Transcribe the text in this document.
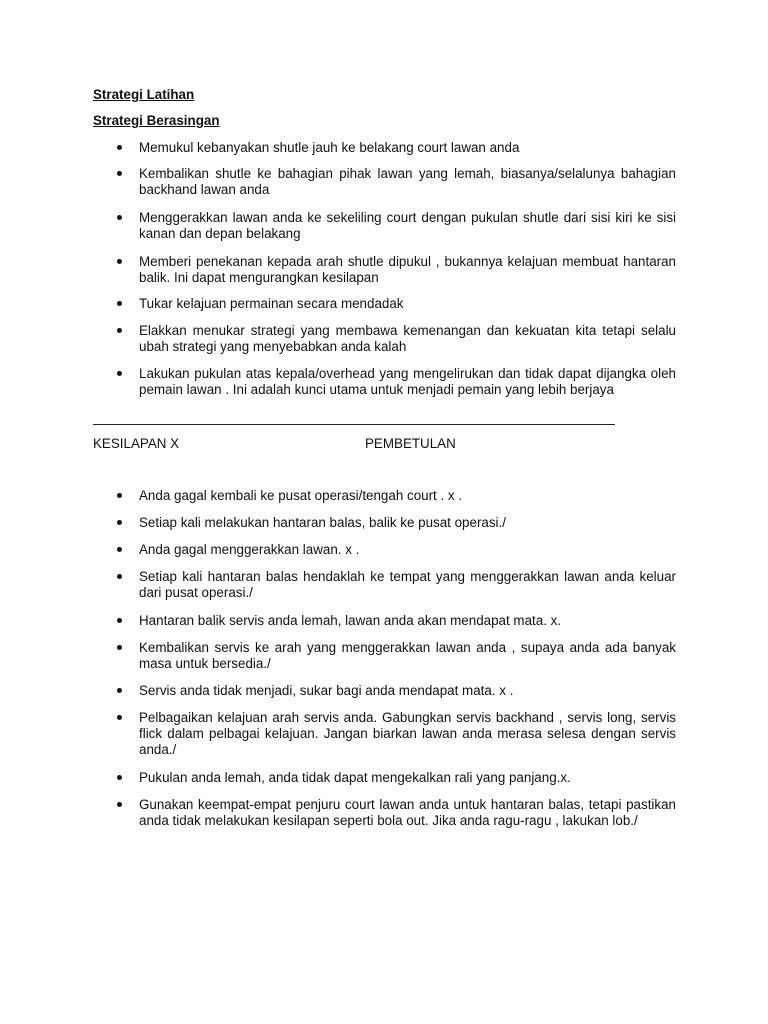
Strategi Latihan
Strategi Berasingan
Memukul kebanyakan shutle jauh ke belakang court lawan anda
Kembalikan shutle ke bahagian pihak lawan yang lemah, biasanya/selalunya bahagian backhand lawan anda
Menggerakkan lawan anda ke sekeliling court dengan pukulan shutle dari sisi kiri ke sisi kanan dan depan belakang
Memberi penekanan kepada arah shutle dipukul , bukannya kelajuan membuat hantaran balik. Ini dapat mengurangkan kesilapan
Tukar kelajuan permainan secara mendadak
Elakkan menukar strategi yang membawa kemenangan dan kekuatan kita tetapi selalu ubah strategi yang menyebabkan anda kalah
Lakukan pukulan atas kepala/overhead yang mengelirukan dan tidak dapat dijangka oleh pemain lawan . Ini adalah kunci utama untuk menjadi pemain yang lebih berjaya
KESILAPAN X	PEMBETULAN
Anda gagal kembali ke pusat operasi/tengah court . x .
Setiap kali melakukan hantaran balas, balik ke pusat operasi./
Anda gagal menggerakkan lawan. x .
Setiap kali hantaran balas hendaklah ke tempat yang menggerakkan lawan anda keluar dari pusat operasi./
Hantaran balik servis anda lemah, lawan anda akan mendapat mata. x.
Kembalikan servis ke arah yang menggerakkan lawan anda , supaya anda ada banyak masa untuk bersedia./
Servis anda tidak menjadi, sukar bagi anda mendapat mata. x .
Pelbagaikan kelajuan arah servis anda. Gabungkan servis backhand , servis long, servis flick dalam pelbagai kelajuan. Jangan biarkan lawan anda merasa selesa dengan servis anda./
Pukulan anda lemah, anda tidak dapat mengekalkan rali yang panjang.x.
Gunakan keempat-empat penjuru court lawan anda untuk hantaran balas, tetapi pastikan anda tidak melakukan kesilapan seperti bola out. Jika anda ragu-ragu , lakukan lob./
